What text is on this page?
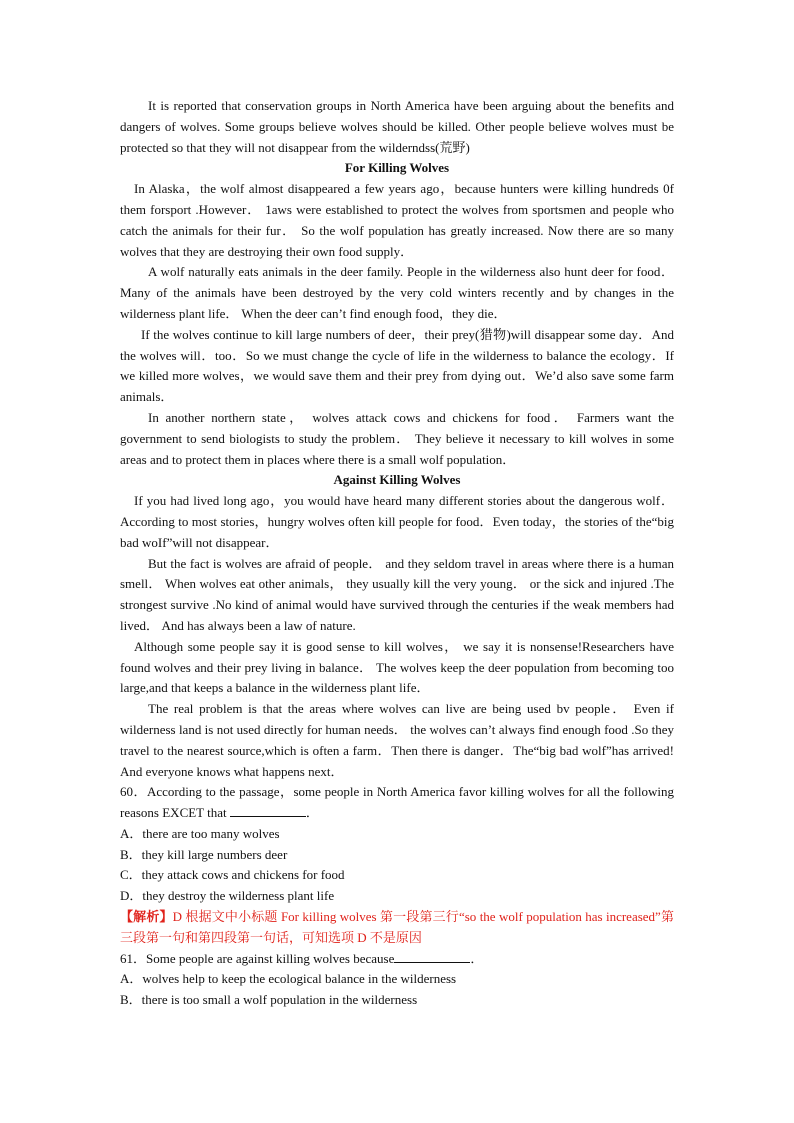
It is reported that conservation groups in North America have been arguing about the benefits and dangers of wolves. Some groups believe wolves should be killed. Other people believe wolves must be protected so that they will not disappear from the wilderndss(荒野)

For Killing Wolves

In Alaska，the wolf almost disappeared a few years ago，because hunters were killing hundreds 0f them forsport .However． 1aws were established to protect the wolves from sportsmen and people who catch the animals for their fur． So the wolf population has greatly increased. Now there are so many wolves that they are destroying their own food supply．

A wolf naturally eats animals in the deer family. People in the wilderness also hunt deer for food．Many of the animals have been destroyed by the very cold winters recently and by changes in the wilderness plant life． When the deer can’t find enough food，they die．

If the wolves continue to kill large numbers of deer，their prey(猎物)will disappear some day．And the wolves will．too．So we must change the cycle of life in the wilderness to balance the ecology．If we killed more wolves，we would save them and their prey from dying out．We’d also save some farm animals．

In another northern state， wolves attack cows and chickens for food． Farmers want the government to send biologists to study the problem． They believe it necessary to kill wolves in some areas and to protect them in places where there is a small wolf population．

Against Killing Wolves

If you had lived long ago，you would have heard many different stories about the dangerous wolf．According to most stories，hungry wolves often kill people for food．Even today，the stories of the“big bad woIf”will not disappear．

But the fact is wolves are afraid of people． and they seldom travel in areas where there is a human smell． When wolves eat other animals， they usually kill the very young． or the sick and injured .The strongest survive .No kind of animal would have survived through the centuries if the weak members had lived． And has always been a law of nature.

Although some people say it is good sense to kill wolves， we say it is nonsense!Researchers have found wolves and their prey living in balance． The wolves keep the deer population from becoming too large,and that keeps a balance in the wilderness plant life．

The real problem is that the areas where wolves can live are being used bv people． Even if wilderness land is not used directly for human needs． the wolves can’t always find enough food .So they travel to the nearest source,which is often a farm．Then there is danger．The“big bad wolf”has arrived! And everyone knows what happens next．

60．According to the passage，some people in North America favor killing wolves for all the following reasons EXCET that	．

A．there are too many wolves
B．they kill large numbers deer
C．they attack cows and chickens for food
D．they destroy the wilderness plant life

【解析】D 根据文中小标题 For killing wolves 第一段第三行“so the wolf population has increased”第三段第一句和第四段第一句话，可知选项 D 不是原因

61．Some people are against killing wolves because	．

A．wolves help to keep the ecological balance in the wilderness
B．there is too small a wolf population in the wilderness
